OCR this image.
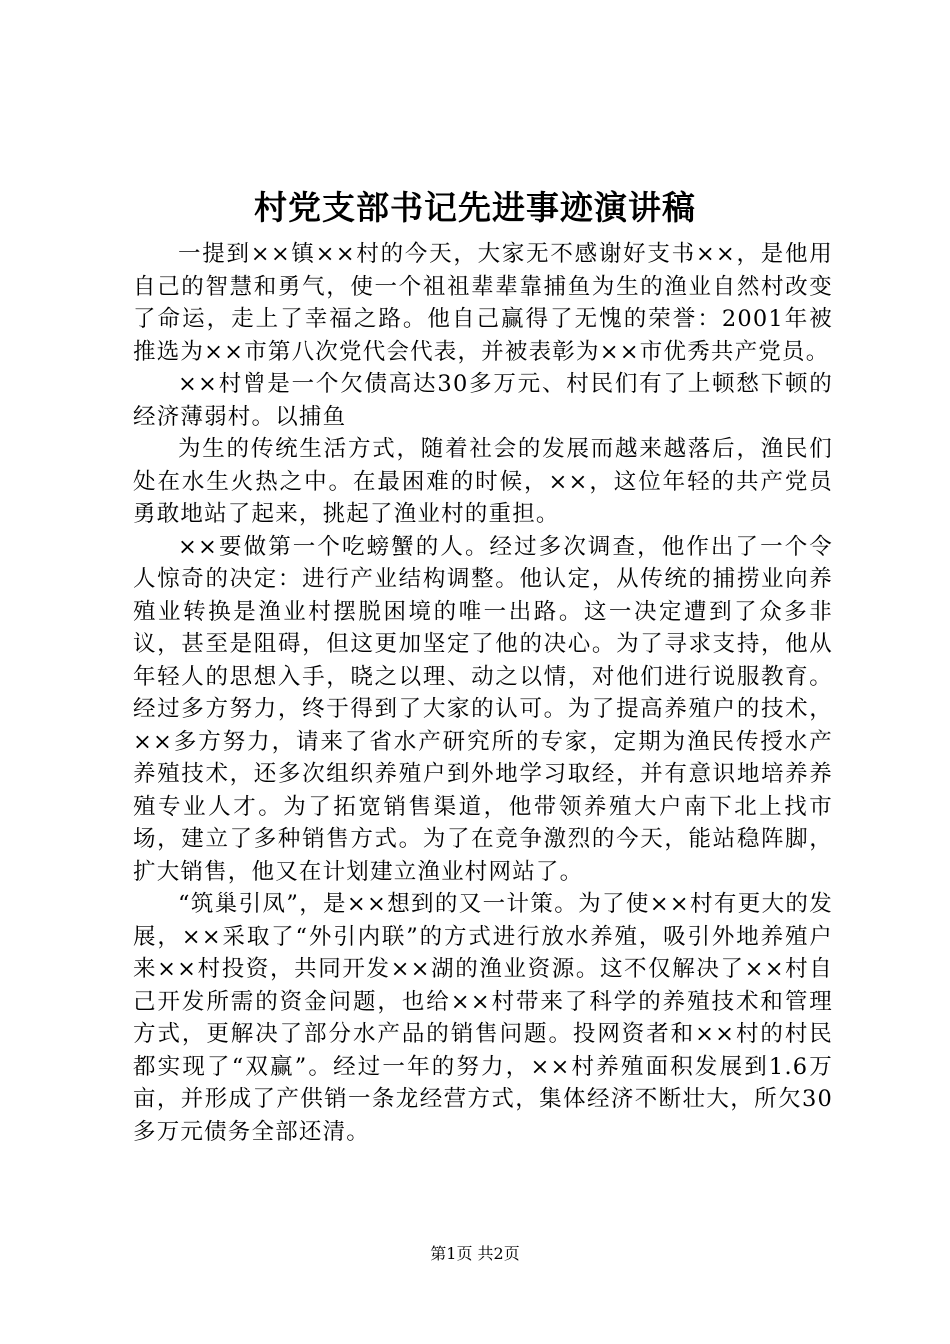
村党支部书记先进事迹演讲稿

一提到××镇××村的今天，大家无不感谢好支书××，是他用自己的智慧和勇气，使一个祖祖辈辈靠捕鱼为生的渔业自然村改变了命运，走上了幸福之路。他自己赢得了无愧的荣誉：2001年被推选为××市第八次党代会代表，并被表彰为××市优秀共产党员。

××村曾是一个欠债高达30多万元、村民们有了上顿愁下顿的经济薄弱村。以捕鱼

为生的传统生活方式，随着社会的发展而越来越落后，渔民们处在水生火热之中。在最困难的时候，××，这位年轻的共产党员勇敢地站了起来，挑起了渔业村的重担。

××要做第一个吃螃蟹的人。经过多次调查，他作出了一个令人惊奇的决定：进行产业结构调整。他认定，从传统的捕捞业向养殖业转换是渔业村摆脱困境的唯一出路。这一决定遭到了众多非议，甚至是阻碍，但这更加坚定了他的决心。为了寻求支持，他从年轻人的思想入手，晓之以理、动之以情，对他们进行说服教育。经过多方努力，终于得到了大家的认可。为了提高养殖户的技术，××多方努力，请来了省水产研究所的专家，定期为渔民传授水产养殖技术，还多次组织养殖户到外地学习取经，并有意识地培养养殖专业人才。为了拓宽销售渠道，他带领养殖大户南下北上找市场，建立了多种销售方式。为了在竞争激烈的今天，能站稳阵脚，扩大销售，他又在计划建立渔业村网站了。

“筑巢引凤”，是××想到的又一计策。为了使××村有更大的发展，××采取了“外引内联”的方式进行放水养殖，吸引外地养殖户来××村投资，共同开发××湖的渔业资源。这不仅解决了××村自己开发所需的资金问题，也给××村带来了科学的养殖技术和管理方式，更解决了部分水产品的销售问题。投网资者和××村的村民都实现了“双赢”。经过一年的努力，××村养殖面积发展到1.6万亩，并形成了产供销一条龙经营方式，集体经济不断壮大，所欠30多万元债务全部还清。

第1页 共2页
